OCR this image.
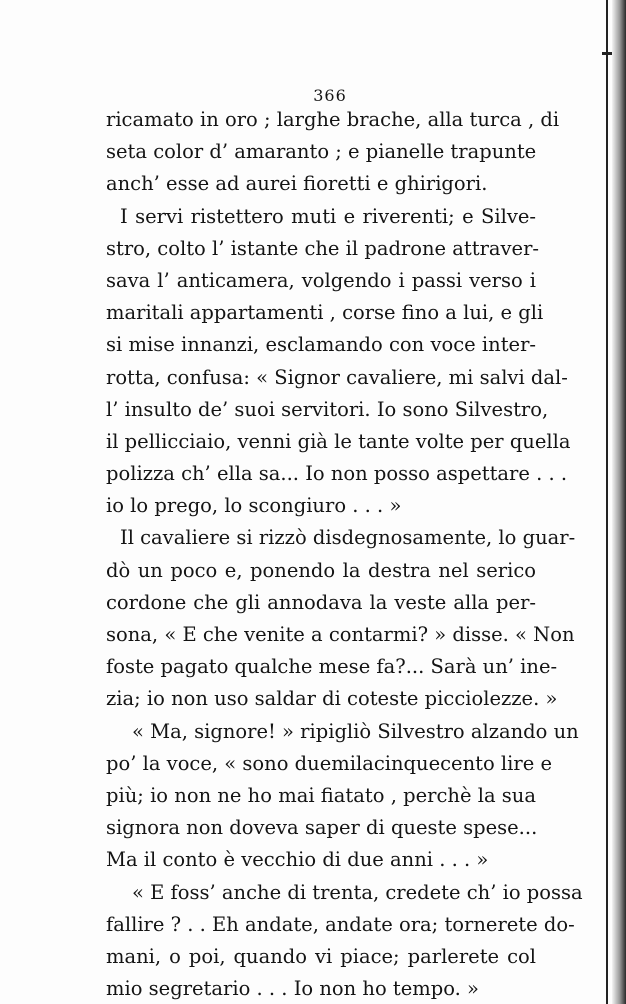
366
ricamato in oro ; larghe brache, alla turca , di
seta color d’ amaranto ; e pianelle trapunte
anch’ esse ad aurei fioretti e ghirigori.
I servi ristettero muti e riverenti; e Silve-
stro, colto l’ istante che il padrone attraver-
sava l’ anticamera, volgendo i passi verso i
maritali appartamenti , corse fino a lui, e gli
si mise innanzi, esclamando con voce inter-
rotta, confusa: « Signor cavaliere, mi salvi dal-
l’ insulto de’ suoi servitori. Io sono Silvestro,
il pellicciaio, venni già le tante volte per quella
polizza ch’ ella sa... Io non posso aspettare . . .
io lo prego, lo scongiuro . . . »
Il cavaliere si rizzò disdegnosamente, lo guar-
dò un poco e, ponendo la destra nel serico
cordone che gli annodava la veste alla per-
sona, « E che venite a contarmi? » disse. « Non
foste pagato qualche mese fa?... Sarà un’ ine-
zia; io non uso saldar di coteste picciolezze. »
« Ma, signore! » ripigliò Silvestro alzando un
po’ la voce, « sono duemilacinquecento lire e
più; io non ne ho mai fiatato , perchè la sua
signora non doveva saper di queste spese...
Ma il conto è vecchio di due anni . . . »
« E foss’ anche di trenta, credete ch’ io possa
fallire ? . . Eh andate, andate ora; tornerete do-
mani, o poi, quando vi piace; parlerete col
mio segretario . . . Io non ho tempo. »
